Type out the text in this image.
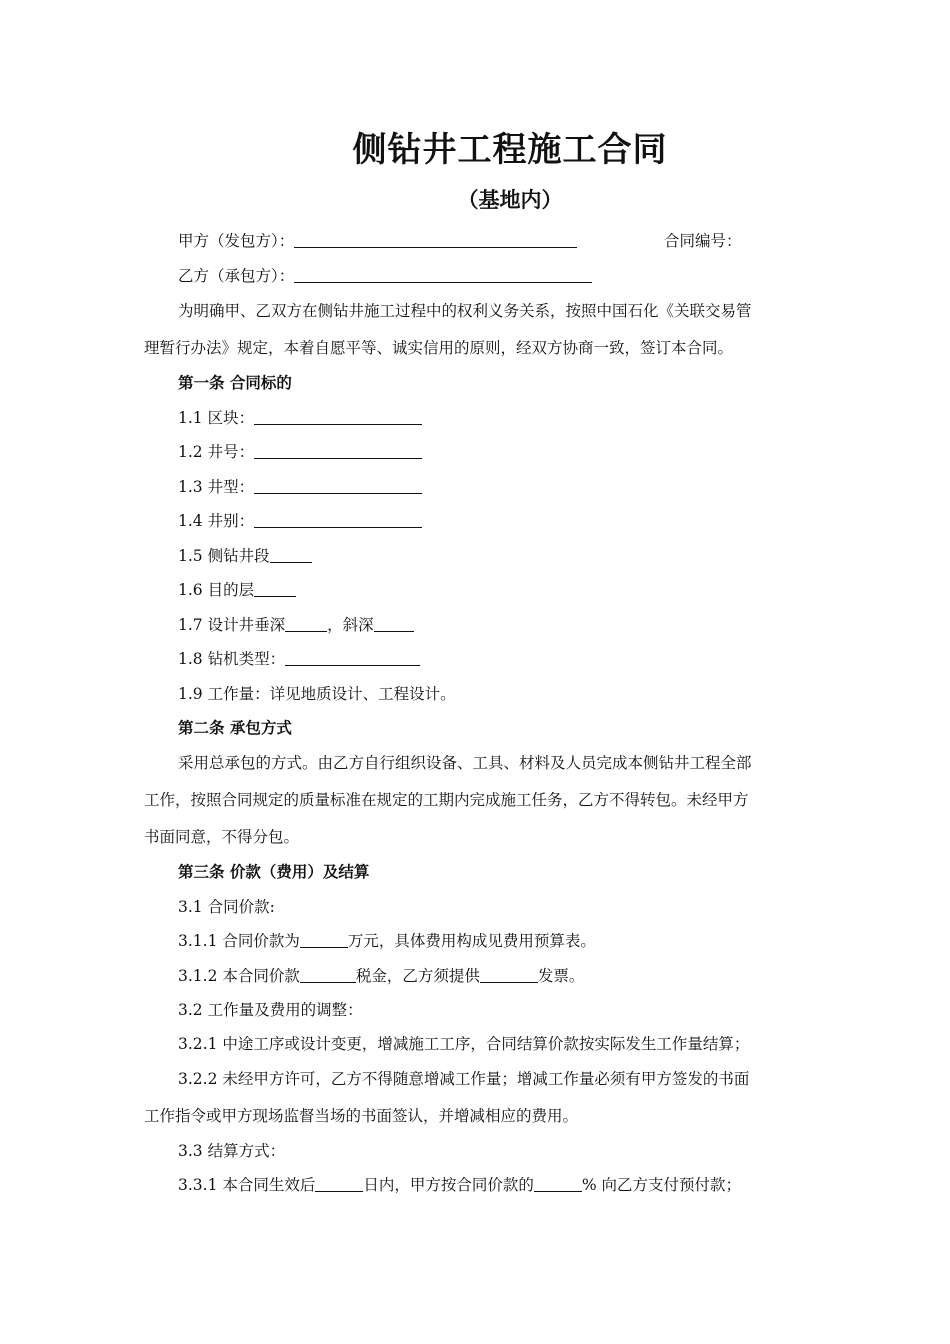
侧钻井工程施工合同
（基地内）
甲方（发包方）：	合同编号：
乙方（承包方）：
为明确甲、乙双方在侧钻井施工过程中的权利义务关系，按照中国石化《关联交易管
理暂行办法》规定，本着自愿平等、诚实信用的原则，经双方协商一致，签订本合同。
第一条 合同标的
1.1 区块：
1.2 井号：
1.3 井型：
1.4 井别：
1.5 侧钻井段
1.6 目的层
1.7 设计井垂深	，斜深
1.8 钻机类型：
1.9 工作量：详见地质设计、工程设计。
第二条 承包方式
采用总承包的方式。由乙方自行组织设备、工具、材料及人员完成本侧钻井工程全部
工作，按照合同规定的质量标准在规定的工期内完成施工任务，乙方不得转包。未经甲方
书面同意，不得分包。
第三条 价款（费用）及结算
3.1 合同价款:
3.1.1 合同价款为	万元，具体费用构成见费用预算表。
3.1.2 本合同价款	税金，乙方须提供	发票。
3.2 工作量及费用的调整：
3.2.1 中途工序或设计变更，增减施工工序，合同结算价款按实际发生工作量结算；
3.2.2 未经甲方许可，乙方不得随意增减工作量；增减工作量必须有甲方签发的书面
工作指令或甲方现场监督当场的书面签认，并增减相应的费用。
3.3 结算方式：
3.3.1 本合同生效后	日内，甲方按合同价款的	% 向乙方支付预付款；
